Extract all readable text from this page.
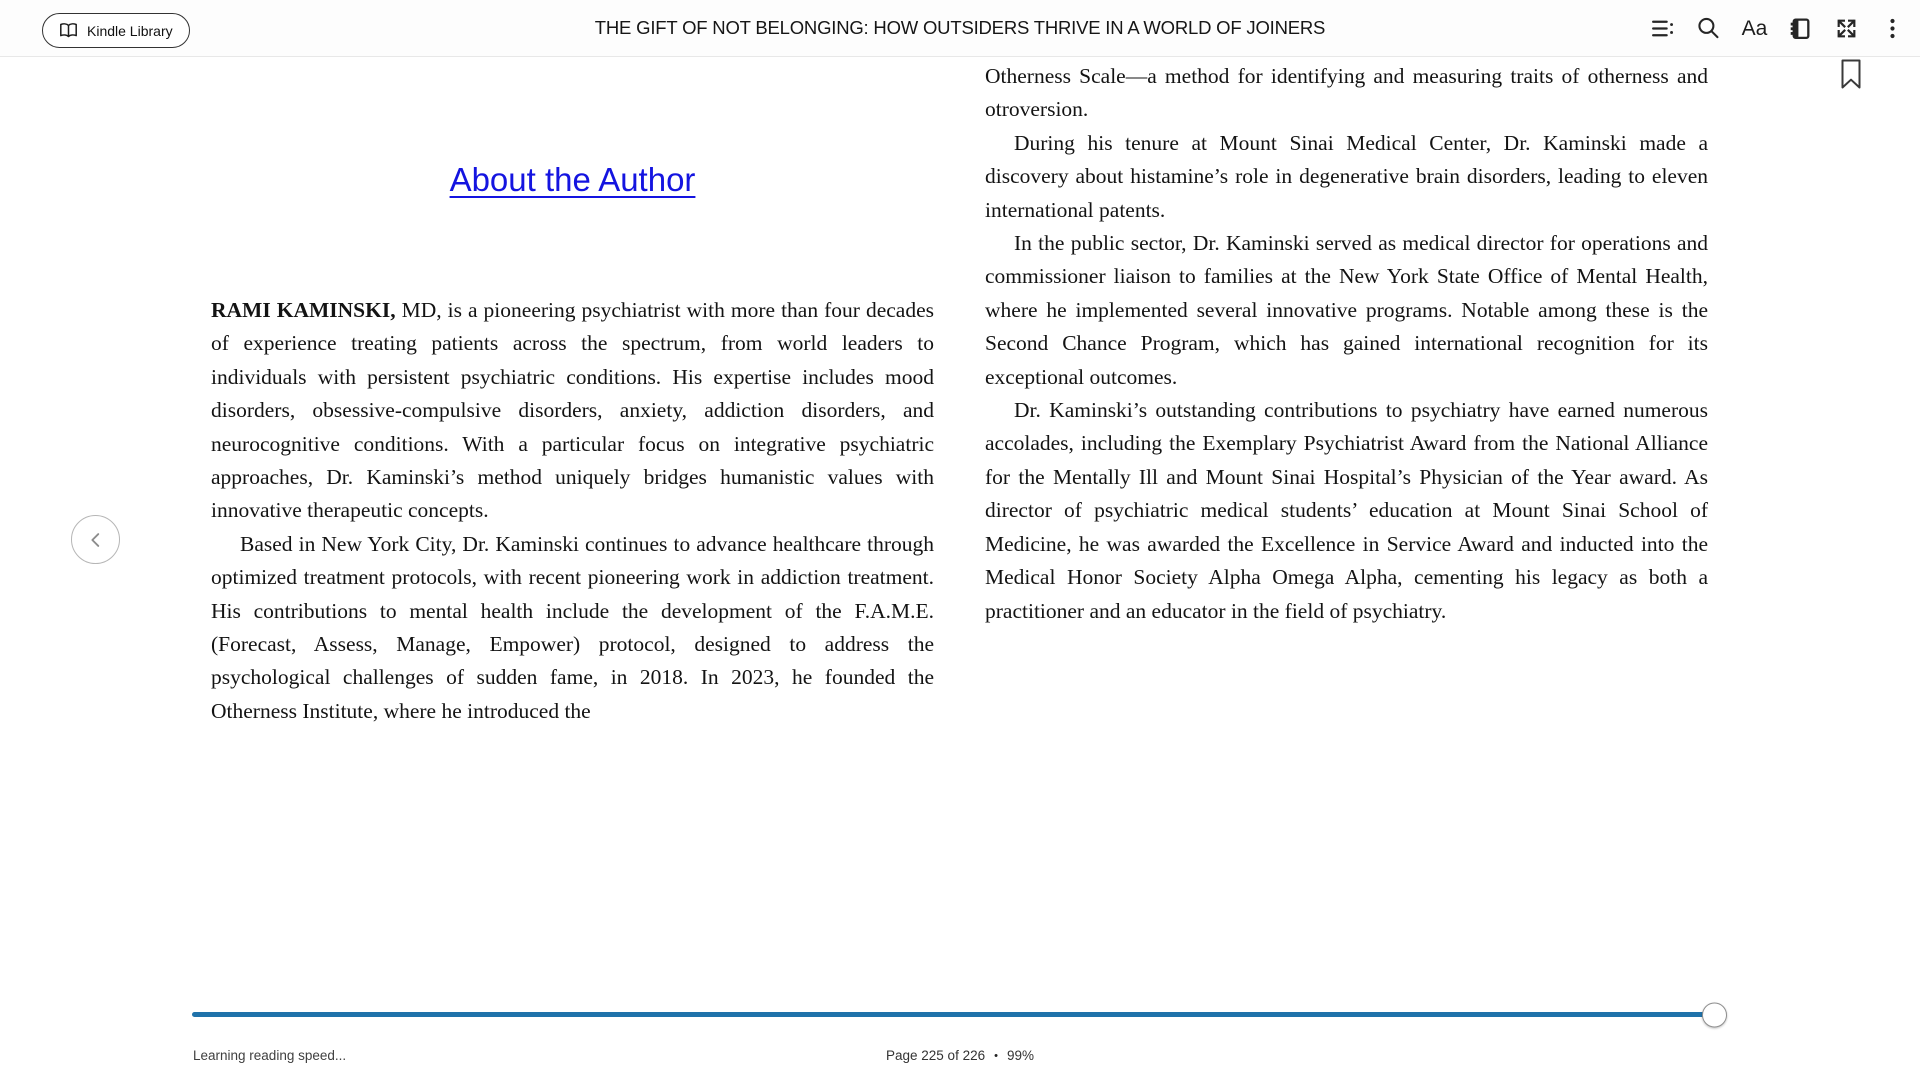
Kindle Library	THE GIFT OF NOT BELONGING: HOW OUTSIDERS THRIVE IN A WORLD OF JOINERS	Aa
About the Author

RAMI KAMINSKI, MD, is a pioneering psychiatrist with more than four decades of experience treating patients across the spectrum, from world leaders to individuals with persistent psychiatric conditions. His expertise includes mood disorders, obsessive-compulsive disorders, anxiety, addiction disorders, and neurocognitive conditions. With a particular focus on integrative psychiatric approaches, Dr. Kaminski’s method uniquely bridges humanistic values with innovative therapeutic concepts.

Based in New York City, Dr. Kaminski continues to advance healthcare through optimized treatment protocols, with recent pioneering work in addiction treatment. His contributions to mental health include the development of the F.A.M.E. (Forecast, Assess, Manage, Empower) protocol, designed to address the psychological challenges of sudden fame, in 2018. In 2023, he founded the Otherness Institute, where he introduced the

Otherness Scale—a method for identifying and measuring traits of otherness and otroversion.

During his tenure at Mount Sinai Medical Center, Dr. Kaminski made a discovery about histamine’s role in degenerative brain disorders, leading to eleven international patents.

In the public sector, Dr. Kaminski served as medical director for operations and commissioner liaison to families at the New York State Office of Mental Health, where he implemented several innovative programs. Notable among these is the Second Chance Program, which has gained international recognition for its exceptional outcomes.

Dr. Kaminski’s outstanding contributions to psychiatry have earned numerous accolades, including the Exemplary Psychiatrist Award from the National Alliance for the Mentally Ill and Mount Sinai Hospital’s Physician of the Year award. As director of psychiatric medical students’ education at Mount Sinai School of Medicine, he was awarded the Excellence in Service Award and inducted into the Medical Honor Society Alpha Omega Alpha, cementing his legacy as both a practitioner and an educator in the field of psychiatry.

Learning reading speed...	Page 225 of 226 • 99%
